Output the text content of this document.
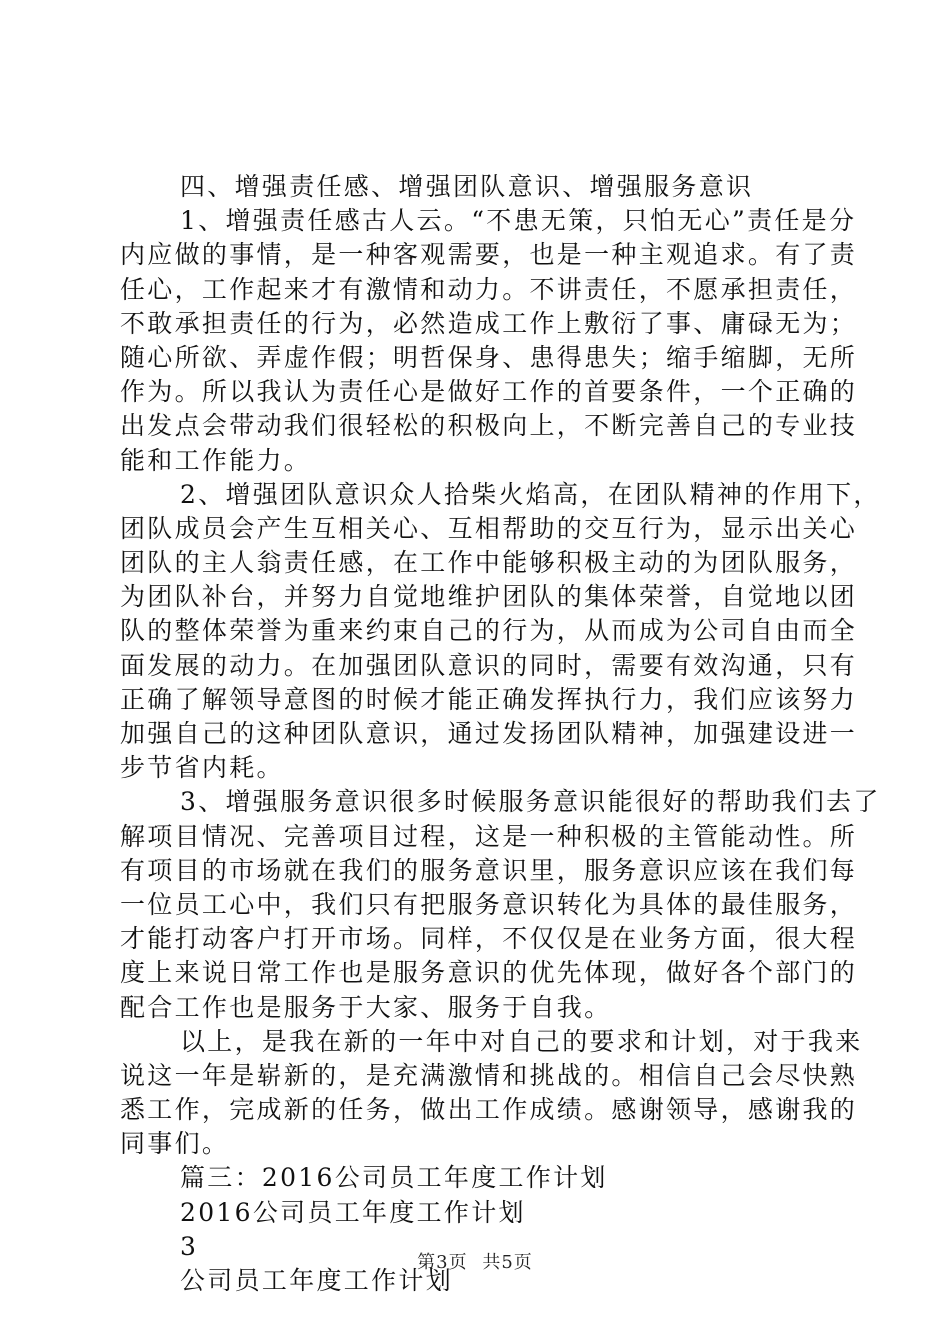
四、增强责任感、增强团队意识、增强服务意识
1、增强责任感古人云。“不患无策，只怕无心”责任是分
内应做的事情，是一种客观需要，也是一种主观追求。有了责
任心，工作起来才有激情和动力。不讲责任，不愿承担责任，
不敢承担责任的行为，必然造成工作上敷衍了事、庸碌无为；
随心所欲、弄虚作假；明哲保身、患得患失；缩手缩脚，无所
作为。所以我认为责任心是做好工作的首要条件，一个正确的
出发点会带动我们很轻松的积极向上，不断完善自己的专业技
能和工作能力。
2、增强团队意识众人拾柴火焰高，在团队精神的作用下，
团队成员会产生互相关心、互相帮助的交互行为，显示出关心
团队的主人翁责任感，在工作中能够积极主动的为团队服务，
为团队补台，并努力自觉地维护团队的集体荣誉，自觉地以团
队的整体荣誉为重来约束自己的行为，从而成为公司自由而全
面发展的动力。在加强团队意识的同时，需要有效沟通，只有
正确了解领导意图的时候才能正确发挥执行力，我们应该努力
加强自己的这种团队意识，通过发扬团队精神，加强建设进一
步节省内耗。
3、增强服务意识很多时候服务意识能很好的帮助我们去了
解项目情况、完善项目过程，这是一种积极的主管能动性。所
有项目的市场就在我们的服务意识里，服务意识应该在我们每
一位员工心中，我们只有把服务意识转化为具体的最佳服务，
才能打动客户打开市场。同样，不仅仅是在业务方面，很大程
度上来说日常工作也是服务意识的优先体现，做好各个部门的
配合工作也是服务于大家、服务于自我。
以上，是我在新的一年中对自己的要求和计划，对于我来
说这一年是崭新的，是充满激情和挑战的。相信自己会尽快熟
悉工作，完成新的任务，做出工作成绩。感谢领导，感谢我的
同事们。
篇三：2016公司员工年度工作计划
2016公司员工年度工作计划
3
公司员工年度工作计划
第3页 共5页
